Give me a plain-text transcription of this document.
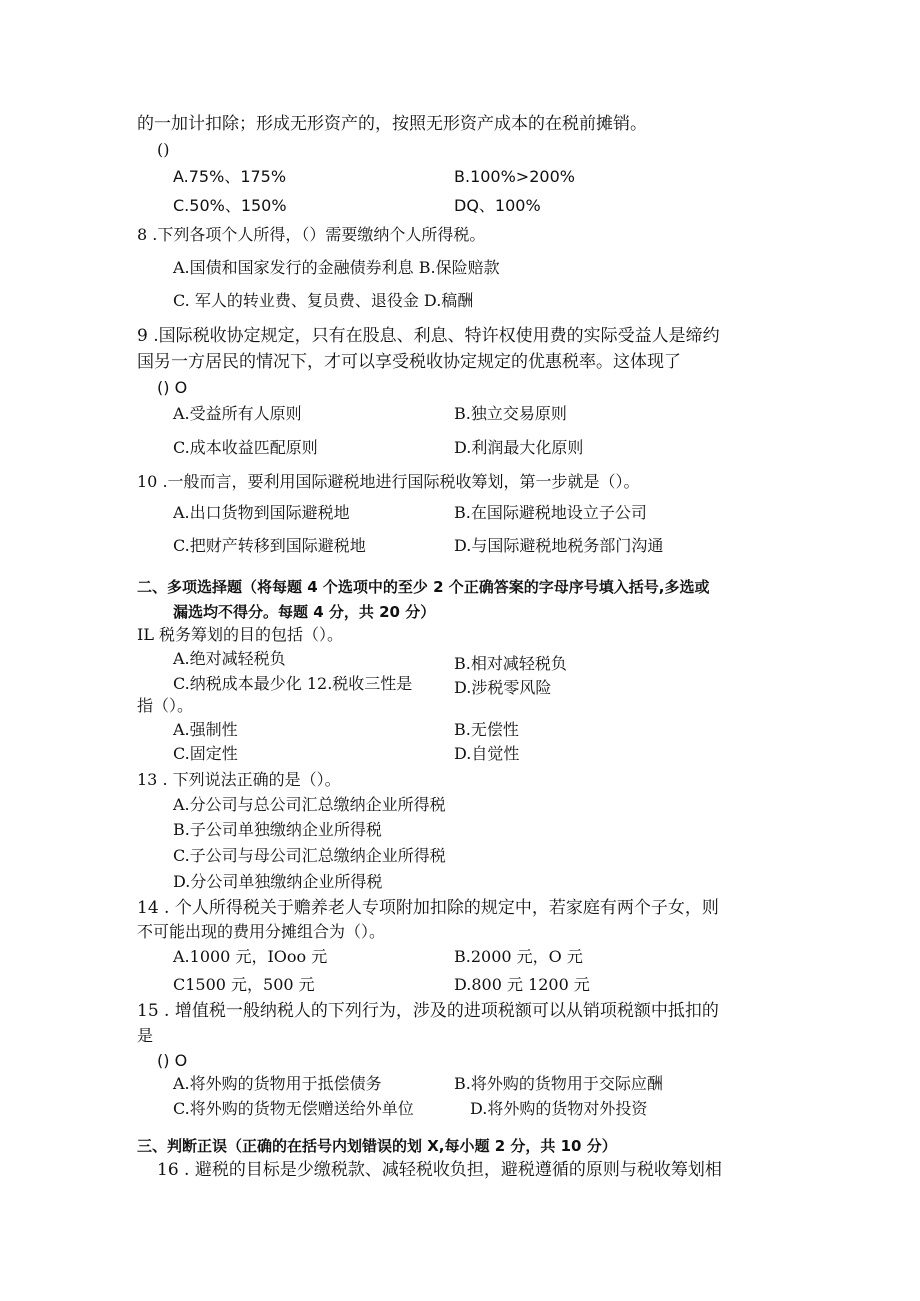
的一加计扣除；形成无形资产的，按照无形资产成本的在税前摊销。
()
A.75%、175%	B.100%>200%
C.50%、150%	DQ、100%
8 .下列各项个人所得，（）需要缴纳个人所得税。
A.国债和国家发行的金融债券利息 B.保险赔款
C. 军人的转业费、复员费、退役金 D.稿酬
9 .国际税收协定规定，只有在股息、利息、特许权使用费的实际受益人是缔约
国另一方居民的情况下，才可以享受税收协定规定的优惠税率。这体现了
() O
A.受益所有人原则	B.独立交易原则
C.成本收益匹配原则	D.利润最大化原则
10 .一般而言，要利用国际避税地进行国际税收筹划，第一步就是（）。
A.出口货物到国际避税地	B.在国际避税地设立子公司
C.把财产转移到国际避税地	D.与国际避税地税务部门沟通
二、多项选择题（将每题 4 个选项中的至少 2 个正确答案的字母序号填入括号,多选或
漏选均不得分。每题 4 分，共 20 分）
IL 税务筹划的目的包括（）。
A.绝对减轻税负	B.相对减轻税负
C.纳税成本最少化 12.税收三性是	D.涉税零风险
指（）。
A.强制性	B.无偿性
C.固定性	D.自觉性
13 . 下列说法正确的是（）。
A.分公司与总公司汇总缴纳企业所得税
B.子公司单独缴纳企业所得税
C.子公司与母公司汇总缴纳企业所得税
D.分公司单独缴纳企业所得税
14 . 个人所得税关于赡养老人专项附加扣除的规定中，若家庭有两个子女，则
不可能出现的费用分摊组合为（）。
A.1000 元，IOoo 元	B.2000 元，O 元
C1500 元，500 元	D.800 元 1200 元
15 . 增值税一般纳税人的下列行为，涉及的进项税额可以从销项税额中抵扣的
是
() O
A.将外购的货物用于抵偿债务	B.将外购的货物用于交际应酬
C.将外购的货物无偿赠送给外单位	D.将外购的货物对外投资
三、判断正误（正确的在括号内划错误的划 X,每小题 2 分，共 10 分）
16 . 避税的目标是少缴税款、减轻税收负担，避税遵循的原则与税收筹划相
